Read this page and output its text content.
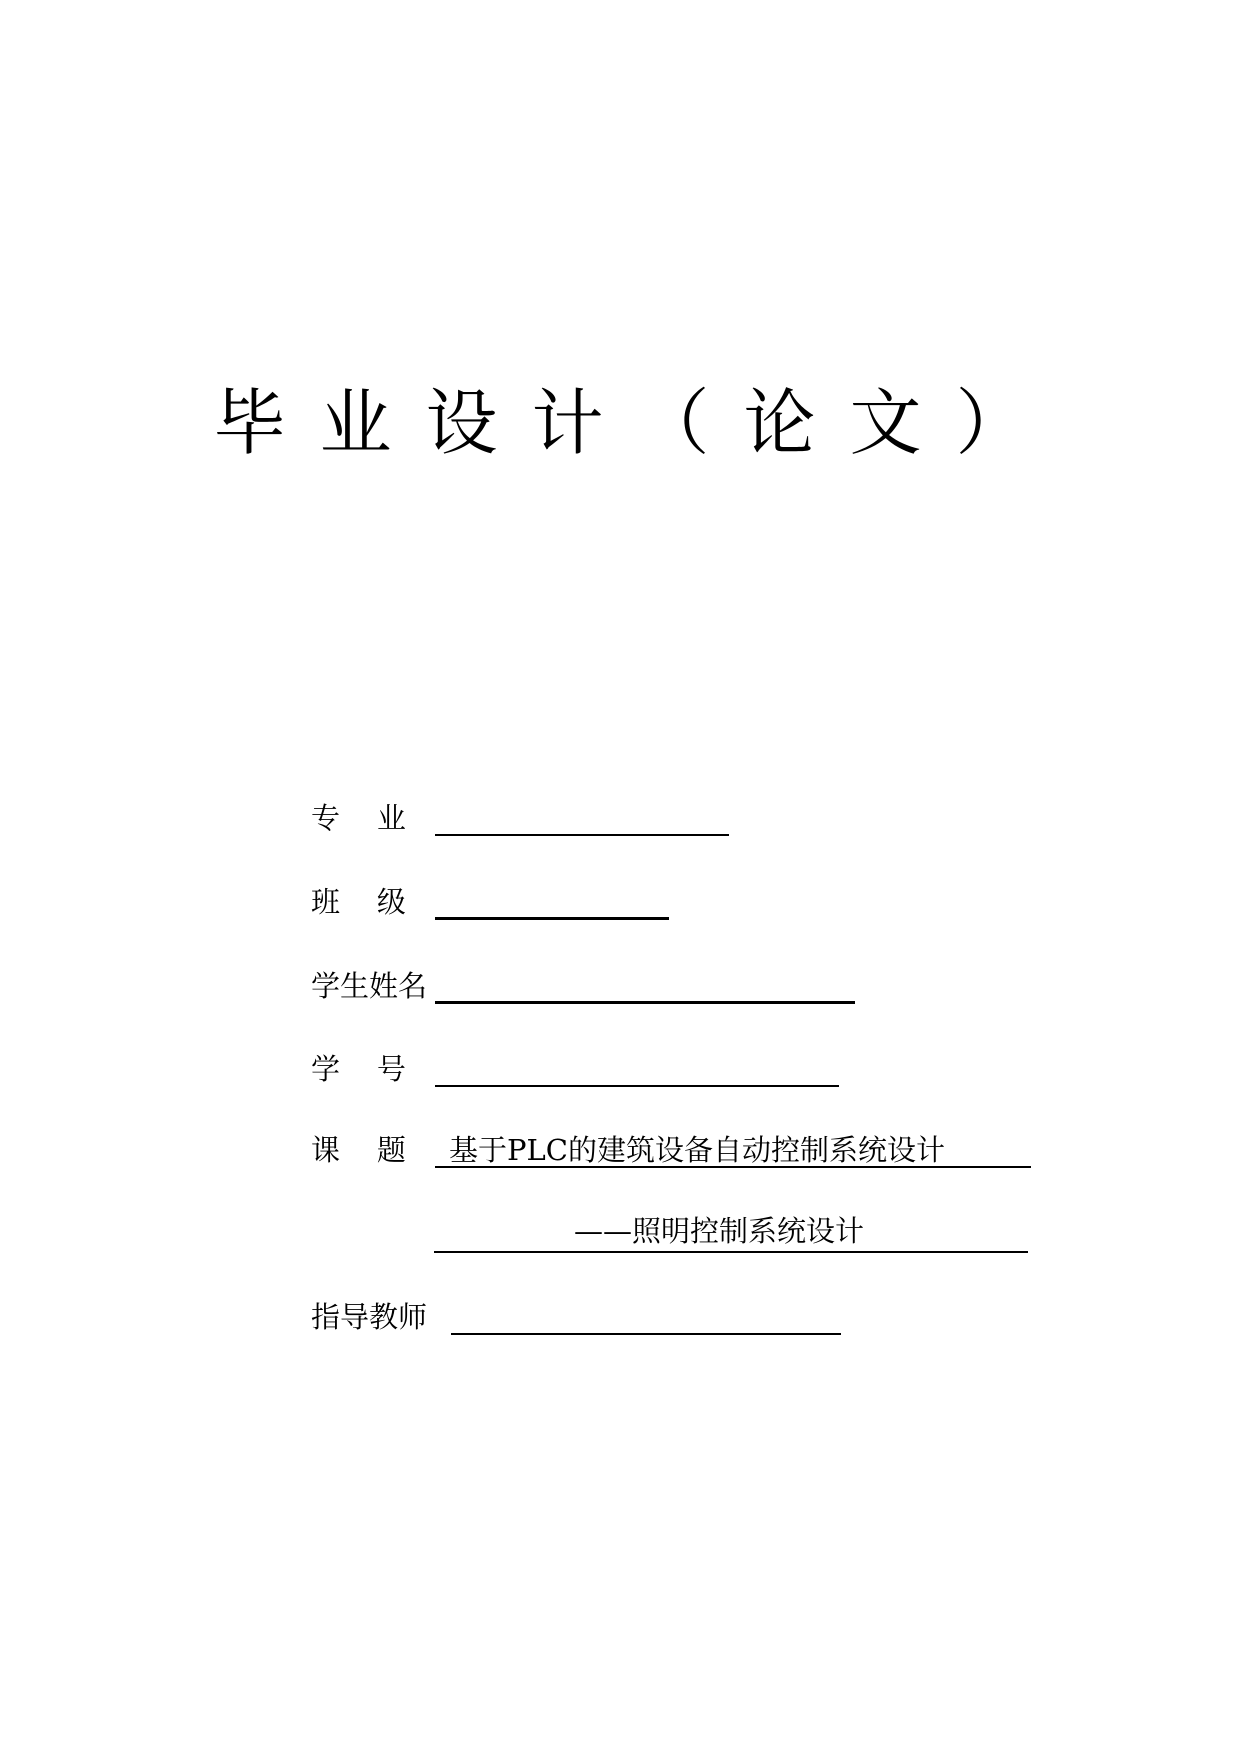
毕业设计（论文）
专    业
班    级
学生姓名
学    号
课    题	基于PLC的建筑设备自动控制系统设计
——照明控制系统设计
指导教师
